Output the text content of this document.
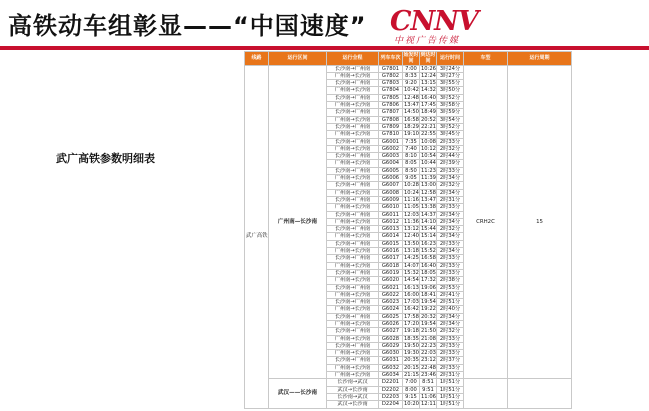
高铁动车组彰显——“中国速度” CNNV
中视广告传媒
武广高铁参数明细表
线路	运行区间	运行全程	列车车次	始发时间	到达时间	运行时间	车型	运行周期
武广高铁	广州南—长沙南	长沙南→广州南	G7801	7:00	10:26	3时24分	CRH2C	15
		广州南→长沙南	G7802	8:33	12:24	3时27分		
		长沙南→广州南	G7803	9:20	13:15	3时55分		
		广州南→长沙南	G7804	10:42	14:32	3时50分		
		长沙南→广州南	G7805	12:48	16:40	3时52分		
		广州南→长沙南	G7806	13:47	17:45	3时58分		
		长沙南→广州南	G7807	14:50	18:49	3时59分		
		广州南→长沙南	G7808	16:58	20:52	3时54分		
		长沙南→广州南	G7809	18:29	22:21	3时52分		
		广州南→长沙南	G7810	19:10	22:55	3时45分		
		长沙南→广州南	G6001	7:35	10:08	2时33分		
		广州南→长沙南	G6002	7:40	10:12	2时32分		
		长沙南→广州南	G6003	8:10	10:54	2时44分		
		广州南→长沙南	G6004	8:05	10:44	2时39分		
		长沙南→广州南	G6005	8:50	11:23	2时33分		
		广州南→长沙南	G6006	9:05	11:39	2时34分		
		长沙南→广州南	G6007	10:28	13:00	2时32分		
		广州南→长沙南	G6008	10:24	12:58	2时34分		
		长沙南→广州南	G6009	11:16	13:47	2时31分		
		广州南→长沙南	G6010	11:05	13:38	2时33分		
		长沙南→广州南	G6011	12:03	14:37	2时34分		
		广州南→长沙南	G6012	11:36	14:10	2时34分		
		长沙南→广州南	G6013	13:12	15:44	2时32分		
		广州南→长沙南	G6014	12:40	15:14	2时34分		
		长沙南→广州南	G6015	13:50	16:23	2时33分		
		广州南→长沙南	G6016	13:18	15:52	2时34分		
		长沙南→广州南	G6017	14:25	16:58	2时33分		
		广州南→长沙南	G6018	14:07	16:40	2时33分		
		长沙南→广州南	G6019	15:32	18:05	2时33分		
		广州南→长沙南	G6020	14:54	17:32	2时38分		
		长沙南→广州南	G6021	16:13	19:06	2时53分		
		广州南→长沙南	G6022	16:00	18:41	2时41分		
		长沙南→广州南	G6023	17:03	19:54	2时51分		
		广州南→长沙南	G6024	16:42	19:22	2时40分		
		长沙南→广州南	G6025	17:58	20:32	2时34分		
		广州南→长沙南	G6026	17:20	19:54	2时34分		
		长沙南→广州南	G6027	19:18	21:50	2时32分		
		广州南→长沙南	G6028	18:35	21:08	2时33分		
		长沙南→广州南	G6029	19:50	22:23	2时33分		
		广州南→长沙南	G6030	19:30	22:03	2时33分		
		长沙南→广州南	G6031	20:35	23:12	2时37分		
		广州南→长沙南	G6032	20:15	22:48	2时33分		
		广州南→长沙南	G6034	21:15	23:46	2时31分		
	武汉——长沙南	长沙南→武汉	D2201	7:00	8:51	1时51分		
		武汉→长沙南	D2202	8:00	9:51	1时51分		
		长沙南→武汉	D2203	9:15	11:06	1时51分		
		武汉→长沙南	D2204	10:20	12:11	1时51分		
